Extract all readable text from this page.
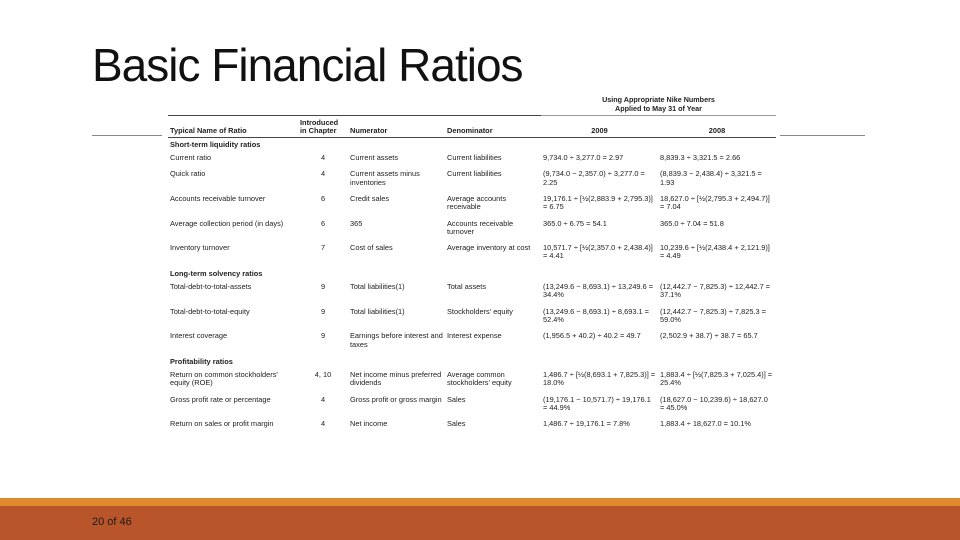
Basic Financial Ratios

				Using Appropriate Nike Numbers
Applied to May 31 of Year	

Typical Name of Ratio	Introduced in Chapter	Numerator	Denominator	2009	2008
Short-term liquidity ratios					
Current ratio	4	Current assets	Current liabilities	9,734.0 ÷ 3,277.0 = 2.97	8,839.3 ÷ 3,321.5 = 2.66
Quick ratio	4	Current assets minus inventories	Current liabilities	(9,734.0 − 2,357.0) ÷ 3,277.0 = 2.25	(8,839.3 − 2,438.4) ÷ 3,321.5 = 1.93
Accounts receivable turnover	6	Credit sales	Average accounts receivable	19,176.1 ÷ [½(2,883.9 + 2,795.3)] = 6.75	18,627.0 ÷ [½(2,795.3 + 2,494.7)] = 7.04
Average collection period (in days)	6	365	Accounts receivable turnover	365.0 ÷ 6.75 = 54.1	365.0 ÷ 7.04 = 51.8
Inventory turnover	7	Cost of sales	Average inventory at cost	10,571.7 ÷ [½(2,357.0 + 2,438.4)] = 4.41	10,239.6 ÷ [½(2,438.4 + 2,121.9)] = 4.49
Long-term solvency ratios					
Total-debt-to-total-assets	9	Total liabilities(1)	Total assets	(13,249.6 − 8,693.1) ÷ 13,249.6 = 34.4%	(12,442.7 − 7,825.3) ÷ 12,442.7 = 37.1%
Total-debt-to-total-equity	9	Total liabilities(1)	Stockholders' equity	(13,249.6 − 8,693.1) ÷ 8,693.1 = 52.4%	(12,442.7 − 7,825.3) ÷ 7,825.3 = 59.0%
Interest coverage	9	Earnings before interest and taxes	Interest expense	(1,956.5 + 40.2) ÷ 40.2 = 49.7	(2,502.9 + 38.7) ÷ 38.7 = 65.7
Profitability ratios					
Return on common stockholders' equity (ROE)	4, 10	Net income minus preferred dividends	Average common stockholders' equity	1,486.7 ÷ [½(8,693.1 + 7,825.3)] = 18.0%	1,883.4 ÷ [½(7,825.3 + 7,025.4)] = 25.4%
Gross profit rate or percentage	4	Gross profit or gross margin	Sales	(19,176.1 − 10,571.7) ÷ 19,176.1 = 44.9%	(18,627.0 − 10,239.6) ÷ 18,627.0 = 45.0%
Return on sales or profit margin	4	Net income	Sales	1,486.7 ÷ 19,176.1 = 7.8%	1,883.4 ÷ 18,627.0 = 10.1%
20 of 46
